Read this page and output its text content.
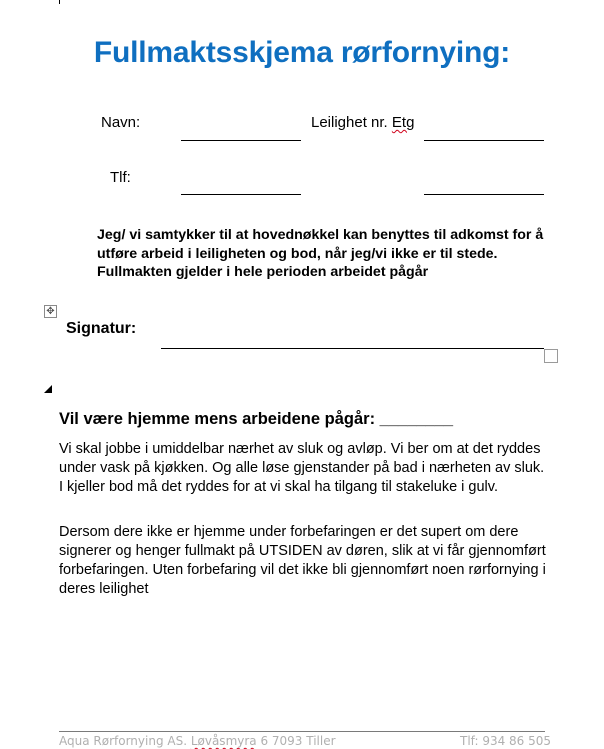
Fullmaktsskjema rørfornying:
Navn:	Leilighet nr. Etg
Tlf:
Jeg/ vi samtykker til at hovednøkkel kan benyttes til adkomst for å utføre arbeid i leiligheten og bod, når jeg/vi ikke er til stede. Fullmakten gjelder i hele perioden arbeidet pågår
✥
Signatur:
Vil være hjemme mens arbeidene pågår: ________
Vi skal jobbe i umiddelbar nærhet av sluk og avløp. Vi ber om at det ryddes under vask på kjøkken. Og alle løse gjenstander på bad i nærheten av sluk. I kjeller bod må det ryddes for at vi skal ha tilgang til stakeluke i gulv.
Dersom dere ikke er hjemme under forbefaringen er det supert om dere signerer og henger fullmakt på UTSIDEN av døren, slik at vi får gjennomført forbefaringen. Uten forbefaring vil det ikke bli gjennomført noen rørfornying i deres leilighet
Aqua Rørfornying AS. Løvåsmyra 6 7093 Tiller	Tlf: 934 86 505
